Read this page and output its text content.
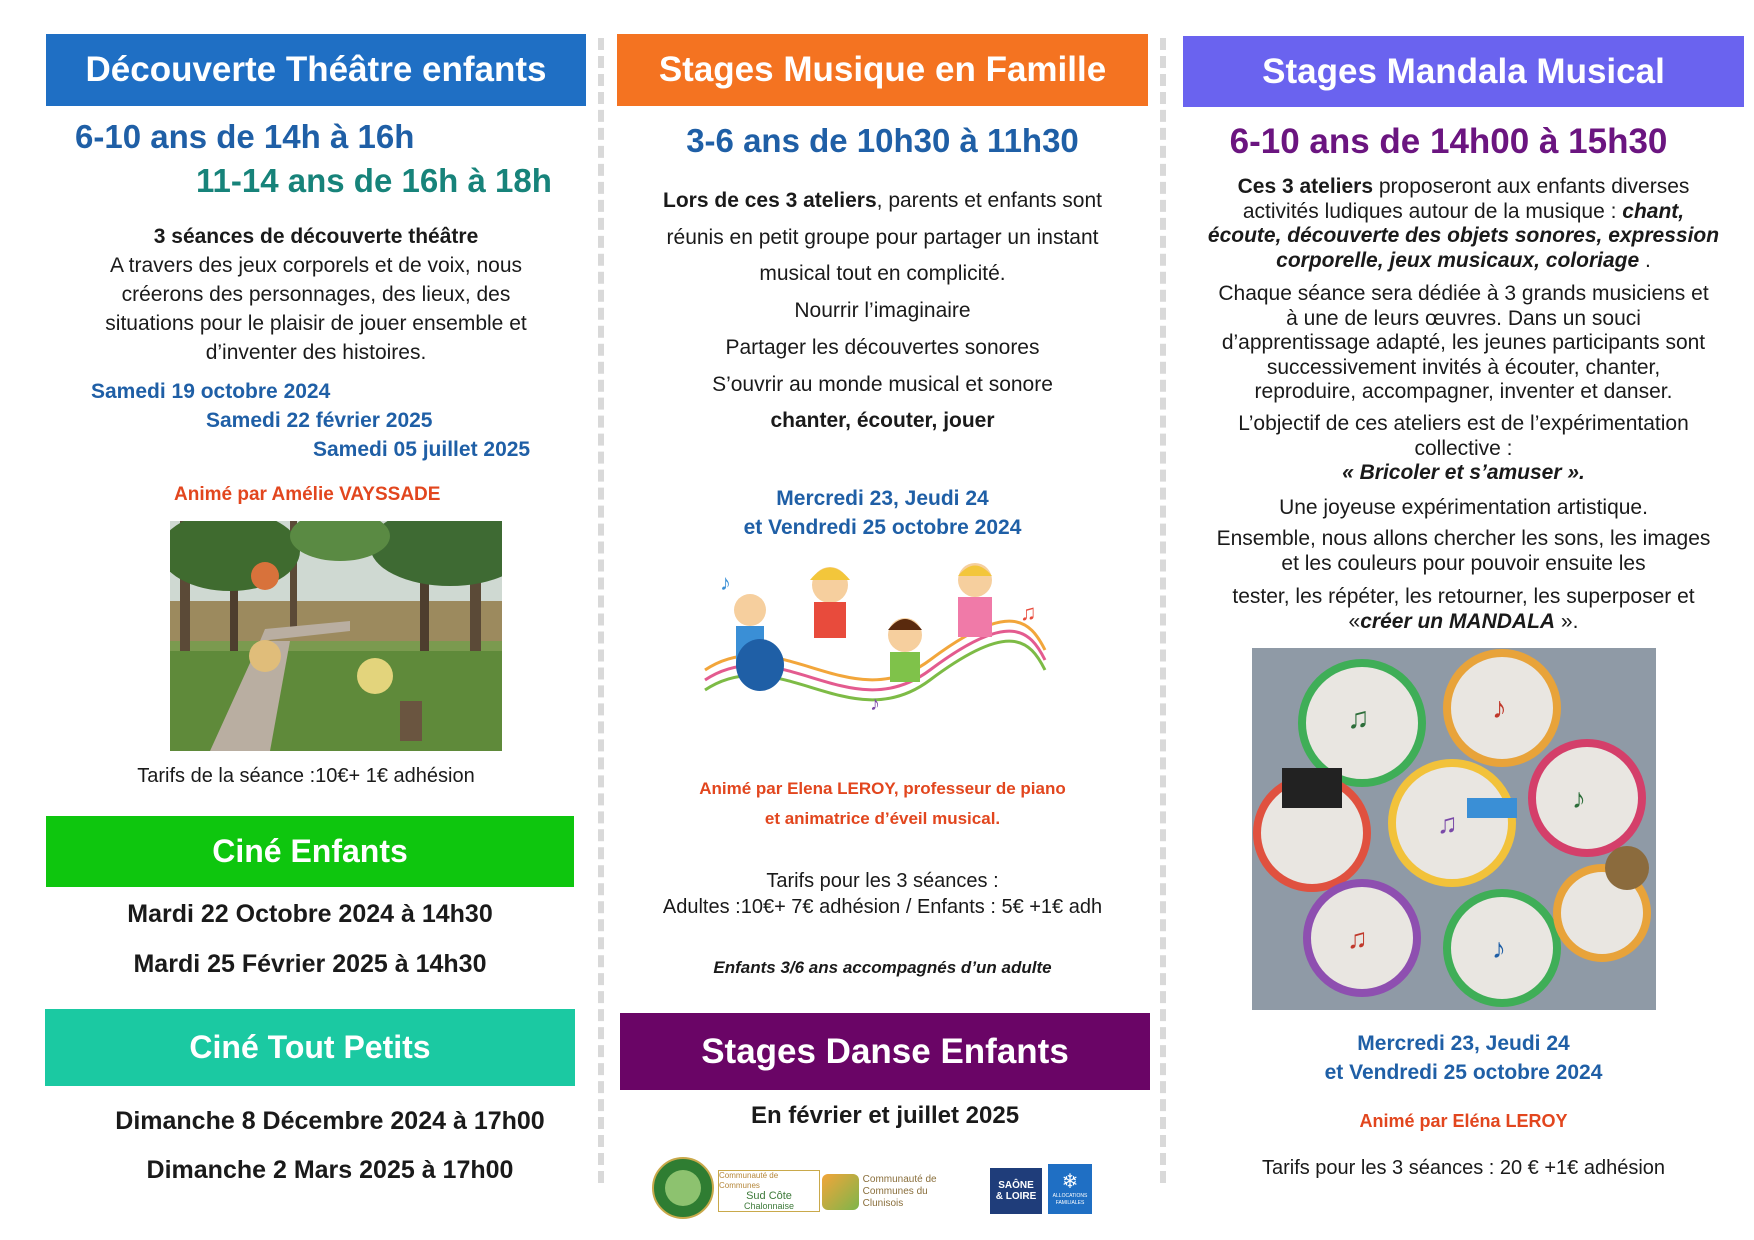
Découverte Théâtre enfants
6-10 ans de 14h à 16h
11-14 ans de 16h à 18h
3 séances de découverte théâtre
A travers des jeux corporels et de voix, nous
créerons des personnages, des lieux, des
situations pour le plaisir de jouer ensemble et
d’inventer des histoires.
Samedi 19 octobre 2024
Samedi 22 février 2025
Samedi 05 juillet 2025
Animé par Amélie VAYSSADE
Tarifs de la séance :10€+ 1€ adhésion
Ciné Enfants
Mardi 22 Octobre 2024 à 14h30
Mardi 25 Février 2025 à 14h30
Ciné Tout Petits
Dimanche 8 Décembre 2024 à 17h00
Dimanche 2 Mars 2025 à 17h00
Stages Musique en Famille
3-6 ans de 10h30 à 11h30
Lors de ces 3 ateliers, parents et enfants sont
réunis en petit groupe pour partager un instant
musical tout en complicité.
Nourrir l’imaginaire
Partager les découvertes sonores
S’ouvrir au monde musical et sonore
chanter, écouter, jouer
Mercredi 23, Jeudi 24
et Vendredi 25 octobre 2024
♪
♫
♪
Animé par Elena LEROY, professeur de piano
et animatrice d’éveil musical.
Tarifs pour les 3 séances :
Adultes :10€+ 7€ adhésion / Enfants : 5€ +1€ adh
Enfants 3/6 ans accompagnés d’un adulte
Stages Danse Enfants
En février et juillet 2025
Communauté de Communes
Sud Côte
Chalonnaise
Communauté de
Communes du Clunisois
SAÔNE
& LOIRE
❄
ALLOCATIONS
FAMILIALES
Stages Mandala Musical
6-10 ans de 14h00 à 15h30
Ces 3 ateliers proposeront aux enfants diverses
activités ludiques autour de la musique : chant,
écoute, découverte des objets sonores, expression
corporelle, jeux musicaux, coloriage .
Chaque séance sera dédiée à 3 grands musiciens et
à une de leurs œuvres. Dans un souci
d’apprentissage adapté, les jeunes participants sont
successivement invités à écouter, chanter,
reproduire, accompagner, inventer et danser.
L’objectif de ces ateliers est de l’expérimentation
collective :
« Bricoler et s’amuser ».
Une joyeuse expérimentation artistique.
Ensemble, nous allons chercher les sons, les images
et les couleurs pour pouvoir ensuite les
tester, les répéter, les retourner, les superposer et
«créer un MANDALA ».
♫	♪
♫
♪
♫	♪
Mercredi 23, Jeudi 24
et Vendredi 25 octobre 2024
Animé par Eléna LEROY
Tarifs pour les 3 séances : 20 € +1€ adhésion
